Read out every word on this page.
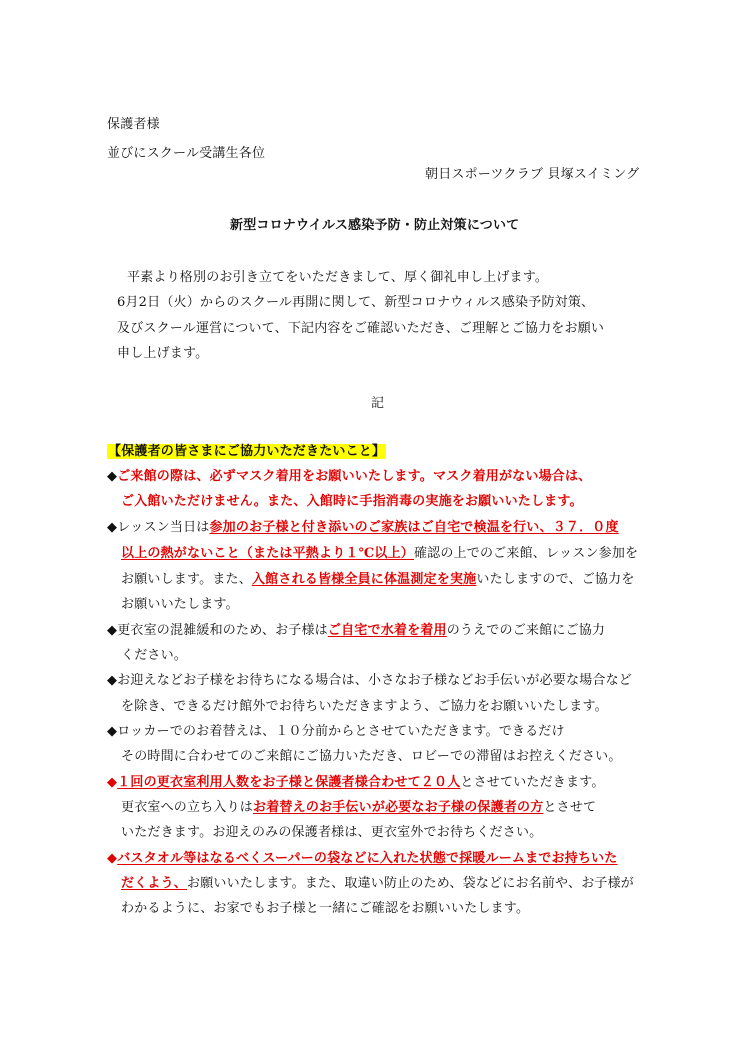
保護者様
並びにスクール受講生各位
朝日スポーツクラブ 貝塚スイミング
新型コロナウイルス感染予防・防止対策について
平素より格別のお引き立てをいただきまして、厚く御礼申し上げます。
6月2日（火）からのスクール再開に関して、新型コロナウィルス感染予防対策、
及びスクール運営について、下記内容をご確認いただき、ご理解とご協力をお願い
申し上げます。
記
【保護者の皆さまにご協力いただきたいこと】
◆ご来館の際は、必ずマスク着用をお願いいたします。マスク着用がない場合は、
ご入館いただけません。また、入館時に手指消毒の実施をお願いいたします。
◆レッスン当日は参加のお子様と付き添いのご家族はご自宅で検温を行い、３７．０度
以上の熱がないこと（または平熱より１℃以上）確認の上でのご来館、レッスン参加を
お願いします。また、入館される皆様全員に体温測定を実施いたしますので、ご協力を
お願いいたします。
◆更衣室の混雑緩和のため、お子様はご自宅で水着を着用のうえでのご来館にご協力
ください。
◆お迎えなどお子様をお待ちになる場合は、小さなお子様などお手伝いが必要な場合など
を除き、できるだけ館外でお待ちいただきますよう、ご協力をお願いいたします。
◆ロッカーでのお着替えは、１０分前からとさせていただきます。できるだけ
その時間に合わせてのご来館にご協力いただき、ロビーでの滞留はお控えください。
◆１回の更衣室利用人数をお子様と保護者様合わせて２０人とさせていただきます。
更衣室への立ち入りはお着替えのお手伝いが必要なお子様の保護者の方とさせて
いただきます。お迎えのみの保護者様は、更衣室外でお待ちください。
◆バスタオル等はなるべくスーパーの袋などに入れた状態で採暖ルームまでお持ちいた
だくよう、お願いいたします。また、取違い防止のため、袋などにお名前や、お子様が
わかるように、お家でもお子様と一緒にご確認をお願いいたします。
